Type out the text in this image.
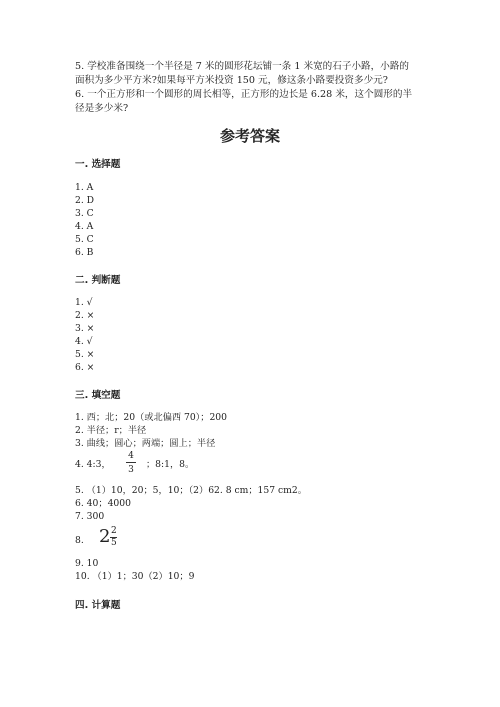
5. 学校准备围绕一个半径是 7 米的圆形花坛铺一条 1 米宽的石子小路，小路的
面积为多少平方米?如果每平方米投资 150 元，修这条小路要投资多少元?
6. 一个正方形和一个圆形的周长相等，正方形的边长是 6.28 米，这个圆形的半
径是多少米?
参考答案
一. 选择题
1. A
2. D
3. C
4. A
5. C
6. B
二. 判断题
1. √
2. ×
3. ×
4. √
5. ×
6. ×
三. 填空题
1. 西；北；20（或北偏西 70）；200
2. 半径；r；半径
3. 曲线；圆心；两端；圆上；半径
4. 4:3，
4
3 ；8:1，8。
5. （1）10，20；5，10；（2）62. 8 cm；157 cm2。
6. 40；4000
7. 300
8. 2 2
5
9. 10
10. （1）1；30（2）10；9
四. 计算题
